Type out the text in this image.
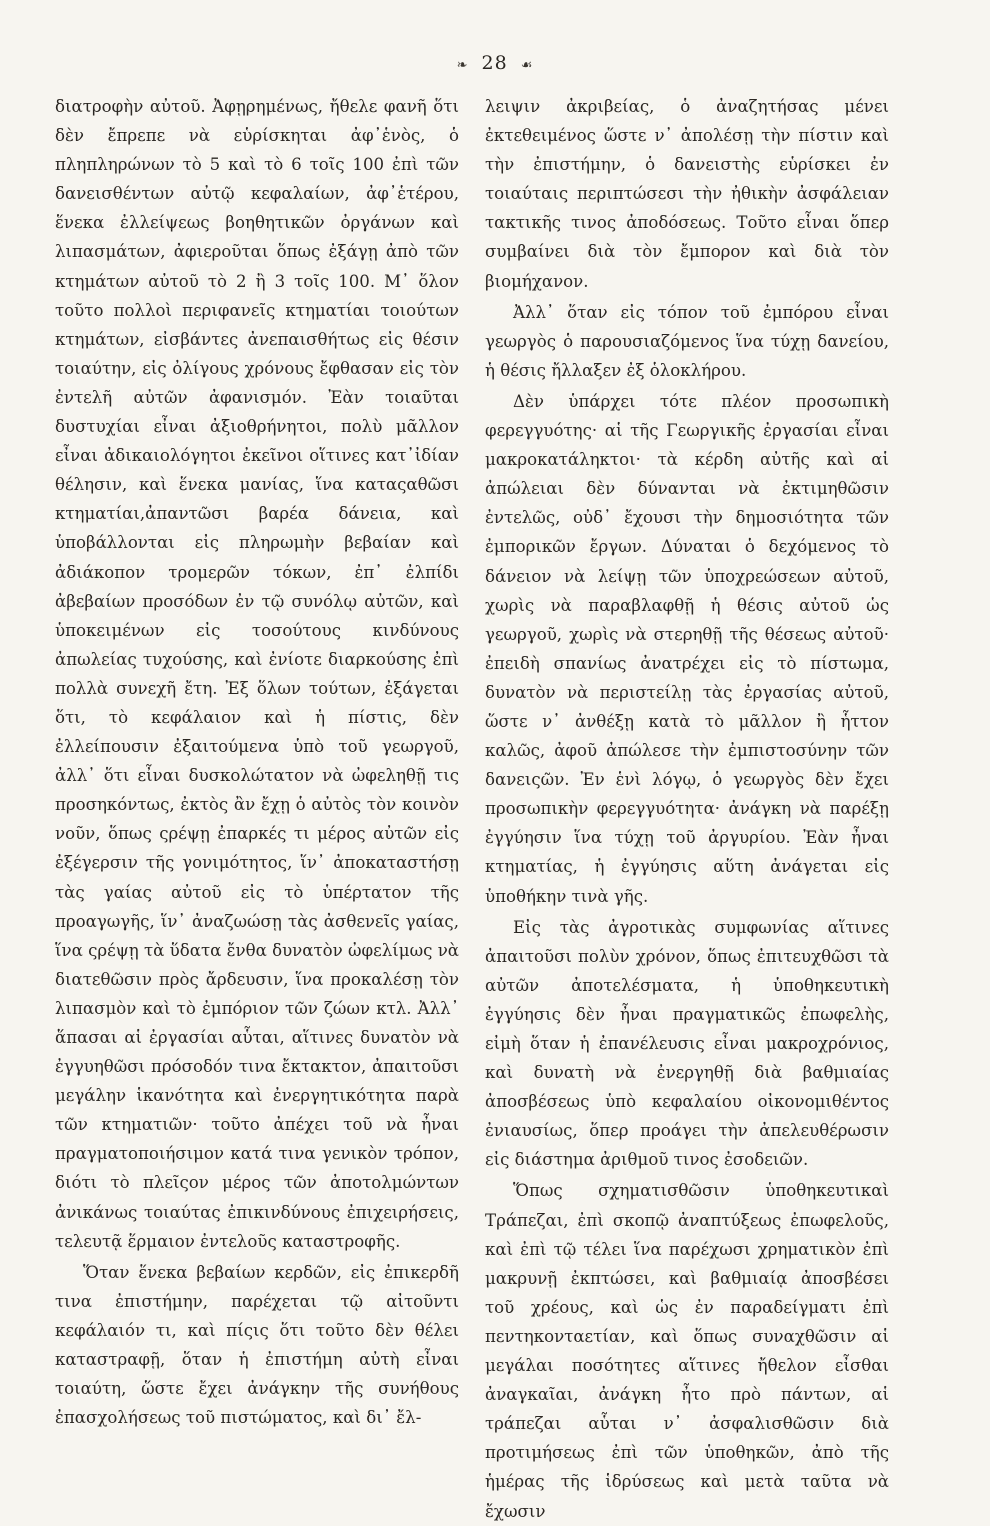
❧ 28 ☙

διατροφὴν αὐτοῦ. Ἀφῃρημένως, ἤθελε φανῆ ὅτι δὲν ἔπρεπε νὰ εὑρίσκηται ἀφ᾽ἑνὸς, ὁ πληπληρώνων τὸ 5 καὶ τὸ 6 τοῖς 100 ἐπὶ τῶν δανεισθέντων αὐτῷ κεφαλαίων, ἀφ᾽ἑτέρου, ἕνεκα ἐλλείψεως βοηθητικῶν ὀργάνων καὶ λιπασμάτων, ἀφιεροῦται ὅπως ἐξάγῃ ἀπὸ τῶν κτημάτων αὐτοῦ τὸ 2 ἢ 3 τοῖς 100. Μ᾽ ὅλον τοῦτο πολλοὶ περιφανεῖς κτηματίαι τοιούτων κτημάτων, εἰσβάντες ἀνεπαισθήτως εἰς θέσιν τοιαύτην, εἰς ὀλίγους χρόνους ἔφθασαν εἰς τὸν ἐντελῆ αὐτῶν ἀφανισμόν. Ἐὰν τοιαῦται δυστυχίαι εἶναι ἀξιοθρήνητοι, πολὺ μᾶλλον εἶναι ἀδικαιολόγητοι ἐκεῖνοι οἵτινες κατ᾽ἰδίαν θέλησιν, καὶ ἕνεκα μανίας, ἵνα καταςαθῶσι κτηματίαι,ἀπαντῶσι βαρέα δάνεια, καὶ ὑποβάλλονται εἰς πληρωμὴν βεβαίαν καὶ ἀδιάκοπον τρομερῶν τόκων, ἐπ᾽ ἐλπίδι ἀβεβαίων προσόδων ἐν τῷ συνόλῳ αὐτῶν, καὶ ὑποκειμένων εἰς τοσούτους κινδύνους ἀπωλείας τυχούσης, καὶ ἐνίοτε διαρκούσης ἐπὶ πολλὰ συνεχῆ ἔτη. Ἐξ ὅλων τούτων, ἐξάγεται ὅτι, τὸ κεφάλαιον καὶ ἡ πίστις, δὲν ἐλλείπουσιν ἐξαιτούμενα ὑπὸ τοῦ γεωργοῦ, ἀλλ᾽ ὅτι εἶναι δυσκολώτατον νὰ ὠφεληθῇ τις προσηκόντως, ἐκτὸς ἂν ἔχῃ ὁ αὐτὸς τὸν κοινὸν νοῦν, ὅπως ςρέψῃ ἐπαρκές τι μέρος αὐτῶν εἰς ἐξέγερσιν τῆς γονιμότητος, ἵν᾽ ἀποκαταστήσῃ τὰς γαίας αὐτοῦ εἰς τὸ ὑπέρτατον τῆς προαγωγῆς, ἵν᾽ ἀναζωώσῃ τὰς ἀσθενεῖς γαίας, ἵνα ςρέψῃ τὰ ὕδατα ἔνθα δυνατὸν ὠφελίμως νὰ διατεθῶσιν πρὸς ἄρδευσιν, ἵνα προκαλέσῃ τὸν λιπασμὸν καὶ τὸ ἐμπόριον τῶν ζώων κτλ. Ἀλλ᾽ ἅπασαι αἱ ἐργασίαι αὗται, αἵτινες δυνατὸν νὰ ἐγγυηθῶσι πρόσοδόν τινα ἔκτακτον, ἀπαιτοῦσι μεγάλην ἱκανότητα καὶ ἐνεργητικότητα παρὰ τῶν κτηματιῶν· τοῦτο ἀπέχει τοῦ νὰ ἦναι πραγματοποιήσιμον κατά τινα γενικὸν τρόπον, διότι τὸ πλεῖςον μέρος τῶν ἀποτολμώντων ἀνικάνως τοιαύτας ἐπικινδύνους ἐπιχειρήσεις, τελευτᾷ ἕρμαιον ἐντελοῦς καταστροφῆς.

Ὅταν ἕνεκα βεβαίων κερδῶν, εἰς ἐπικερδῆ τινα ἐπιστήμην, παρέχεται τῷ αἰτοῦντι κεφάλαιόν τι, καὶ πίςις ὅτι τοῦτο δὲν θέλει καταστραφῇ, ὅταν ἡ ἐπιστήμη αὐτὴ εἶναι τοιαύτη, ὥστε ἔχει ἀνάγκην τῆς συνήθους ἐπασχολήσεως τοῦ πιστώματος, καὶ δι᾽ ἔλ-

λειψιν ἀκριβείας, ὁ ἀναζητήσας μένει ἐκτεθειμένος ὥστε ν᾽ ἀπολέσῃ τὴν πίστιν καὶ τὴν ἐπιστήμην, ὁ δανειστὴς εὑρίσκει ἐν τοιαύταις περιπτώσεσι τὴν ἠθικὴν ἀσφάλειαν τακτικῆς τινος ἀποδόσεως. Τοῦτο εἶναι ὅπερ συμβαίνει διὰ τὸν ἔμπορον καὶ διὰ τὸν βιομήχανον.

Ἀλλ᾽ ὅταν εἰς τόπον τοῦ ἐμπόρου εἶναι γεωργὸς ὁ παρουσιαζόμενος ἵνα τύχῃ δανείου, ἡ θέσις ἤλλαξεν ἐξ ὁλοκλήρου.

Δὲν ὑπάρχει τότε πλέον προσωπικὴ φερεγγυότης· αἱ τῆς Γεωργικῆς ἐργασίαι εἶναι μακροκατάληκτοι· τὰ κέρδη αὐτῆς καὶ αἱ ἀπώλειαι δὲν δύνανται νὰ ἐκτιμηθῶσιν ἐντελῶς, οὐδ᾽ ἔχουσι τὴν δημοσιότητα τῶν ἐμπορικῶν ἔργων. Δύναται ὁ δεχόμενος τὸ δάνειον νὰ λείψῃ τῶν ὑποχρεώσεων αὐτοῦ, χωρὶς νὰ παραβλαφθῇ ἡ θέσις αὐτοῦ ὡς γεωργοῦ, χωρὶς νὰ στερηθῇ τῆς θέσεως αὐτοῦ· ἐπειδὴ σπανίως ἀνατρέχει εἰς τὸ πίστωμα, δυνατὸν νὰ περιστείλῃ τὰς ἐργασίας αὐτοῦ, ὥστε ν᾽ ἀνθέξῃ κατὰ τὸ μᾶλλον ἢ ἧττον καλῶς, ἀφοῦ ἀπώλεσε τὴν ἐμπιστοσύνην τῶν δανειςῶν. Ἐν ἑνὶ λόγῳ, ὁ γεωργὸς δὲν ἔχει προσωπικὴν φερεγγυότητα· ἀνάγκη νὰ παρέξῃ ἐγγύησιν ἵνα τύχῃ τοῦ ἀργυρίου. Ἐὰν ἦναι κτηματίας, ἡ ἐγγύησις αὕτη ἀνάγεται εἰς ὑποθήκην τινὰ γῆς.

Εἰς τὰς ἀγροτικὰς συμφωνίας αἵτινες ἀπαιτοῦσι πολὺν χρόνον, ὅπως ἐπιτευχθῶσι τὰ αὐτῶν ἀποτελέσματα, ἡ ὑποθηκευτικὴ ἐγγύησις δὲν ἦναι πραγματικῶς ἐπωφελὴς, εἰμὴ ὅταν ἡ ἐπανέλευσις εἶναι μακροχρόνιος, καὶ δυνατὴ νὰ ἐνεργηθῇ διὰ βαθμιαίας ἀποσβέσεως ὑπὸ κεφαλαίου οἰκονομιθέντος ἐνιαυσίως, ὅπερ προάγει τὴν ἀπελευθέρωσιν εἰς διάστημα ἀριθμοῦ τινος ἐσοδειῶν.

Ὅπως σχηματισθῶσιν ὑποθηκευτικαὶ Τράπεζαι, ἐπὶ σκοπῷ ἀναπτύξεως ἐπωφελοῦς, καὶ ἐπὶ τῷ τέλει ἵνα παρέχωσι χρηματικὸν ἐπὶ μακρυνῇ ἐκπτώσει, καὶ βαθμιαίᾳ ἀποσβέσει τοῦ χρέους, καὶ ὡς ἐν παραδείγματι ἐπὶ πεντηκονταετίαν, καὶ ὅπως συναχθῶσιν αἱ μεγάλαι ποσότητες αἵτινες ἤθελον εἶσθαι ἀναγκαῖαι, ἀνάγκη ἦτο πρὸ πάντων, αἱ τράπεζαι αὗται ν᾽ ἀσφαλισθῶσιν διὰ προτιμήσεως ἐπὶ τῶν ὑποθηκῶν, ἀπὸ τῆς ἡμέρας τῆς ἱδρύσεως καὶ μετὰ ταῦτα νὰ ἔχωσιν
